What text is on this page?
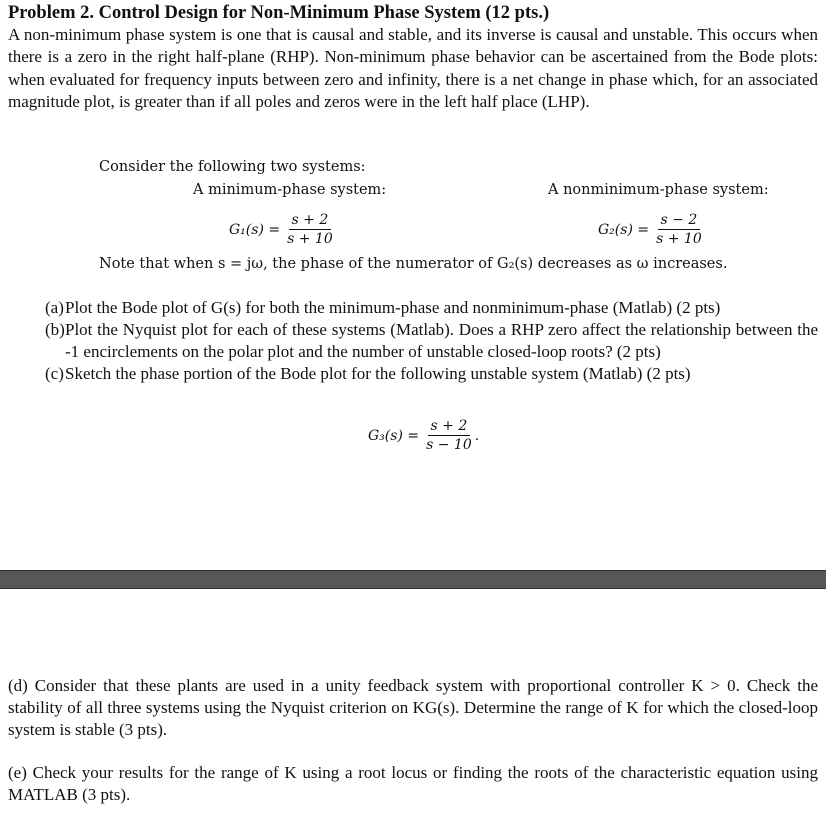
Problem 2. Control Design for Non-Minimum Phase System (12 pts.)
A non-minimum phase system is one that is causal and stable, and its inverse is causal and unstable. This occurs when there is a zero in the right half-plane (RHP). Non-minimum phase behavior can be ascertained from the Bode plots: when evaluated for frequency inputs between zero and infinity, there is a net change in phase which, for an associated magnitude plot, is greater than if all poles and zeros were in the left half place (LHP).
Consider the following two systems:
A minimum-phase system:	A nonminimum-phase system:
$G_1(s) = \frac{s + 2}{s + 10}$	$G_2(s) = \frac{s - 2}{s + 10}$
Note that when s = jω, the phase of the numerator of G₂(s) decreases as ω increases.
(a) Plot the Bode plot of G(s) for both the minimum-phase and nonminimum-phase (Matlab) (2 pts)
(b) Plot the Nyquist plot for each of these systems (Matlab). Does a RHP zero affect the relationship between the -1 encirclements on the polar plot and the number of unstable closed-loop roots? (2 pts)
(c) Sketch the phase portion of the Bode plot for the following unstable system (Matlab) (2 pts)
$G_3(s) = \frac{s + 2}{s - 10}$ .
(d) Consider that these plants are used in a unity feedback system with proportional controller K > 0. Check the stability of all three systems using the Nyquist criterion on KG(s). Determine the range of K for which the closed-loop system is stable (3 pts).
(e) Check your results for the range of K using a root locus or finding the roots of the characteristic equation using MATLAB (3 pts).
